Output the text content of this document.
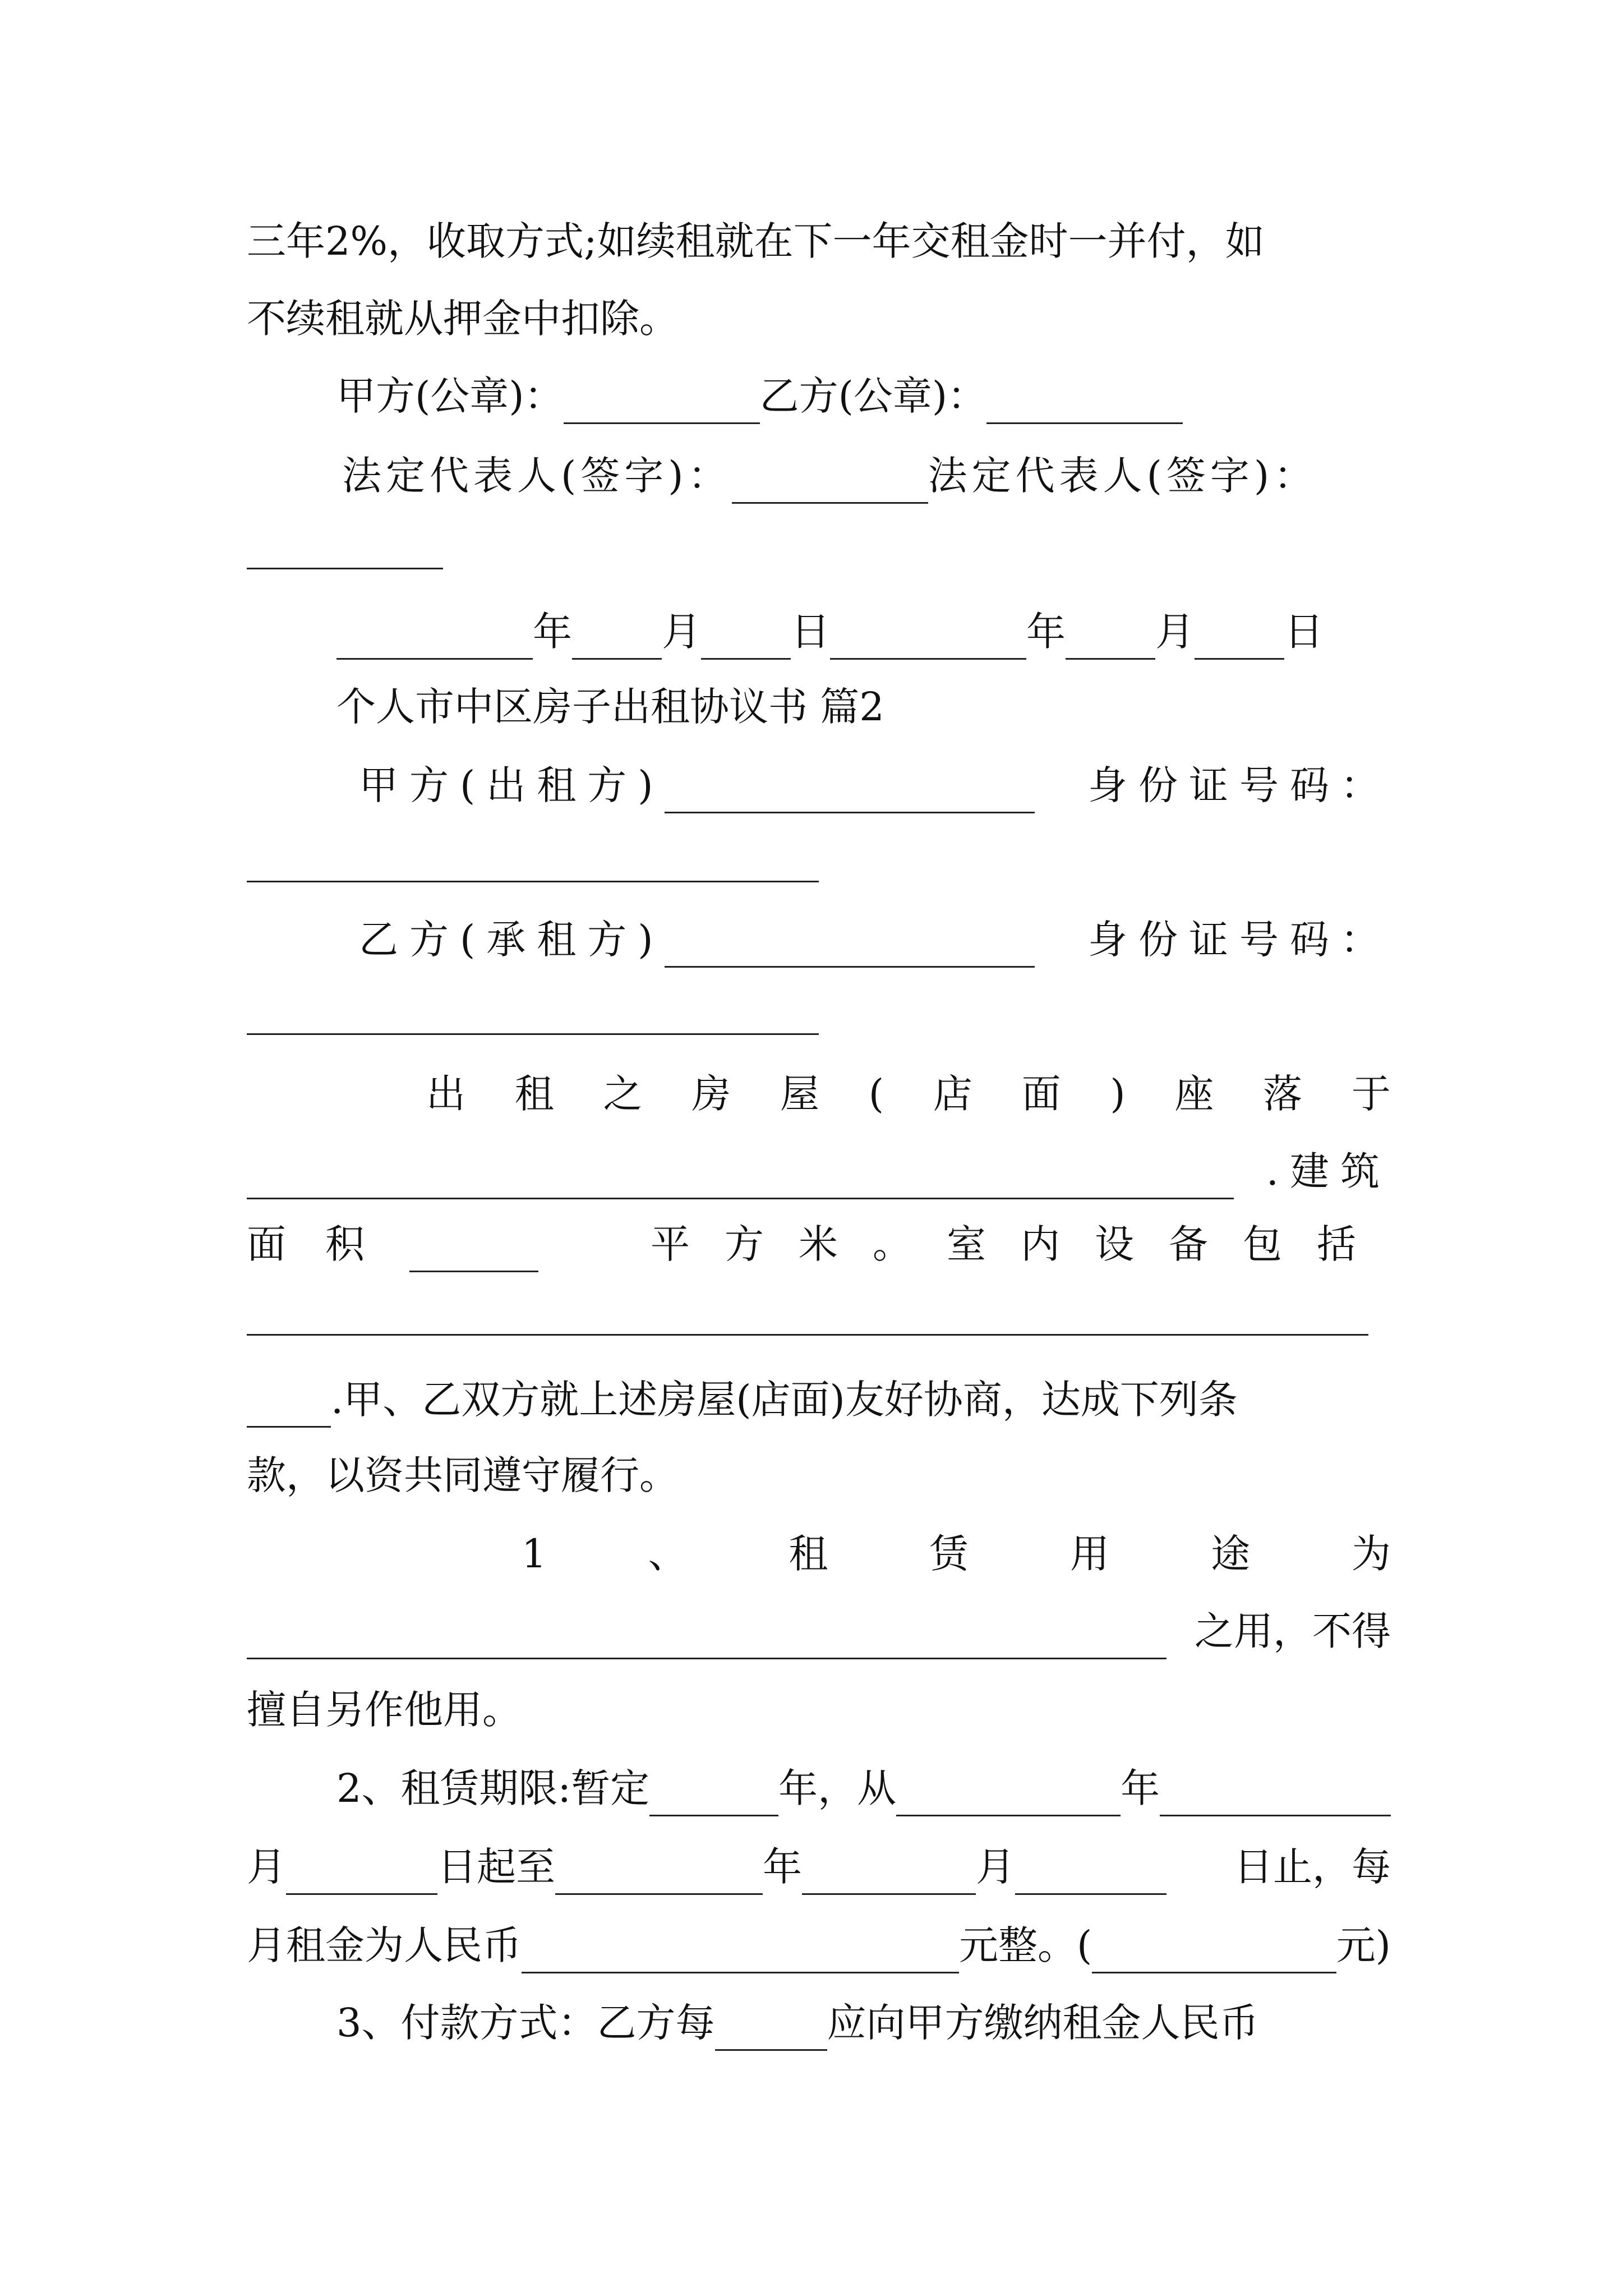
三年2%，收取方式;如续租就在下一年交租金时一并付，如
不续租就从押金中扣除。
甲方(公章)：	乙方(公章)：
法定代表人(签字)：	法定代表人(签字)：
年 月 日	年 月 日
个人市中区房子出租协议书 篇2
甲方(出租方)	身份证号码：
乙方(承租方)	身份证号码：
出 租 之 房 屋 ( 店 面 ) 座 落 于
.建筑
面积	平方米。室内设备包括
.甲、乙双方就上述房屋(店面)友好协商，达成下列条
款，以资共同遵守履行。
1	、	租	赁	用	途	为
之用，不得
擅自另作他用。
2、租赁期限:暂定	年，从	年
月	日起至	年	月	日止，每
月租金为人民币	元整。(	元)
3、付款方式：乙方每	应向甲方缴纳租金人民币
